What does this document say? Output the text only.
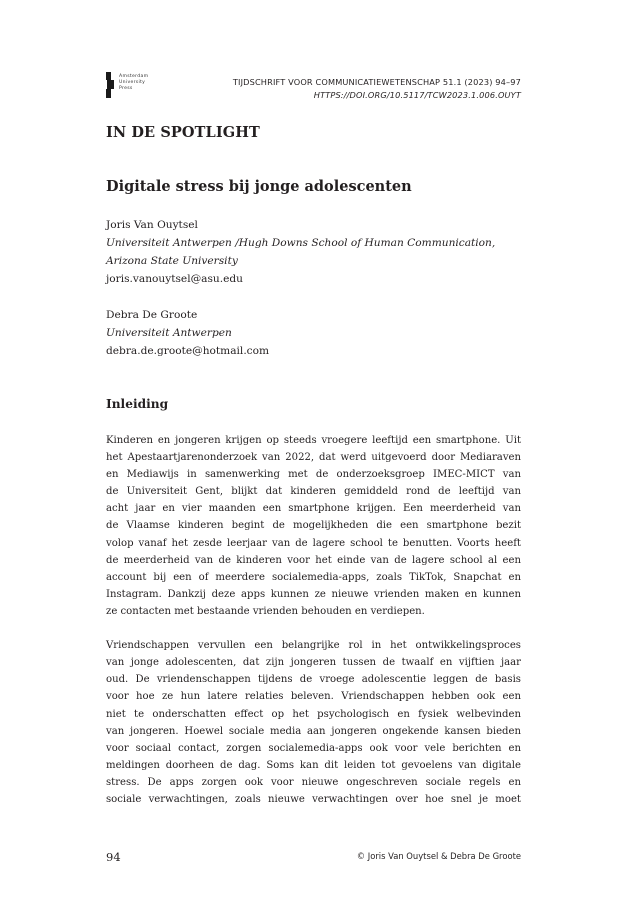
Amsterdam
University
Press
TIJDSCHRIFT VOOR COMMUNICATIEWETENSCHAP 51.1 (2023) 94–97
HTTPS://DOI.ORG/10.5117/TCW2023.1.006.OUYT
IN DE SPOTLIGHT
Digitale stress bij jonge adolescenten
Joris Van Ouytsel
Universiteit Antwerpen /Hugh Downs School of Human Communication,
Arizona State University
joris.vanouytsel@asu.edu
Debra De Groote
Universiteit Antwerpen
debra.de.groote@hotmail.com
Inleiding

Kinderen en jongeren krijgen op steeds vroegere leeftijd een smartphone. Uit
het Apestaartjarenonderzoek van 2022, dat werd uitgevoerd door Mediaraven
en Mediawijs in samenwerking met de onderzoeksgroep IMEC-MICT van
de Universiteit Gent, blijkt dat kinderen gemiddeld rond de leeftijd van
acht jaar en vier maanden een smartphone krijgen. Een meerderheid van
de Vlaamse kinderen begint de mogelijkheden die een smartphone bezit
volop vanaf het zesde leerjaar van de lagere school te benutten. Voorts heeft
de meerderheid van de kinderen voor het einde van de lagere school al een
account bij een of meerdere socialemedia-apps, zoals TikTok, Snapchat en
Instagram. Dankzij deze apps kunnen ze nieuwe vrienden maken en kunnen
ze contacten met bestaande vrienden behouden en verdiepen.

Vriendschappen vervullen een belangrijke rol in het ontwikkelingsproces
van jonge adolescenten, dat zijn jongeren tussen de twaalf en vijftien jaar
oud. De vriendenschappen tijdens de vroege adolescentie leggen de basis
voor hoe ze hun latere relaties beleven. Vriendschappen hebben ook een
niet te onderschatten effect op het psychologisch en fysiek welbevinden
van jongeren. Hoewel sociale media aan jongeren ongekende kansen bieden
voor sociaal contact, zorgen socialemedia-apps ook voor vele berichten en
meldingen doorheen de dag. Soms kan dit leiden tot gevoelens van digitale
stress. De apps zorgen ook voor nieuwe ongeschreven sociale regels en
sociale verwachtingen, zoals nieuwe verwachtingen over hoe snel je moet

94	© Joris Van Ouytsel & Debra De Groote
